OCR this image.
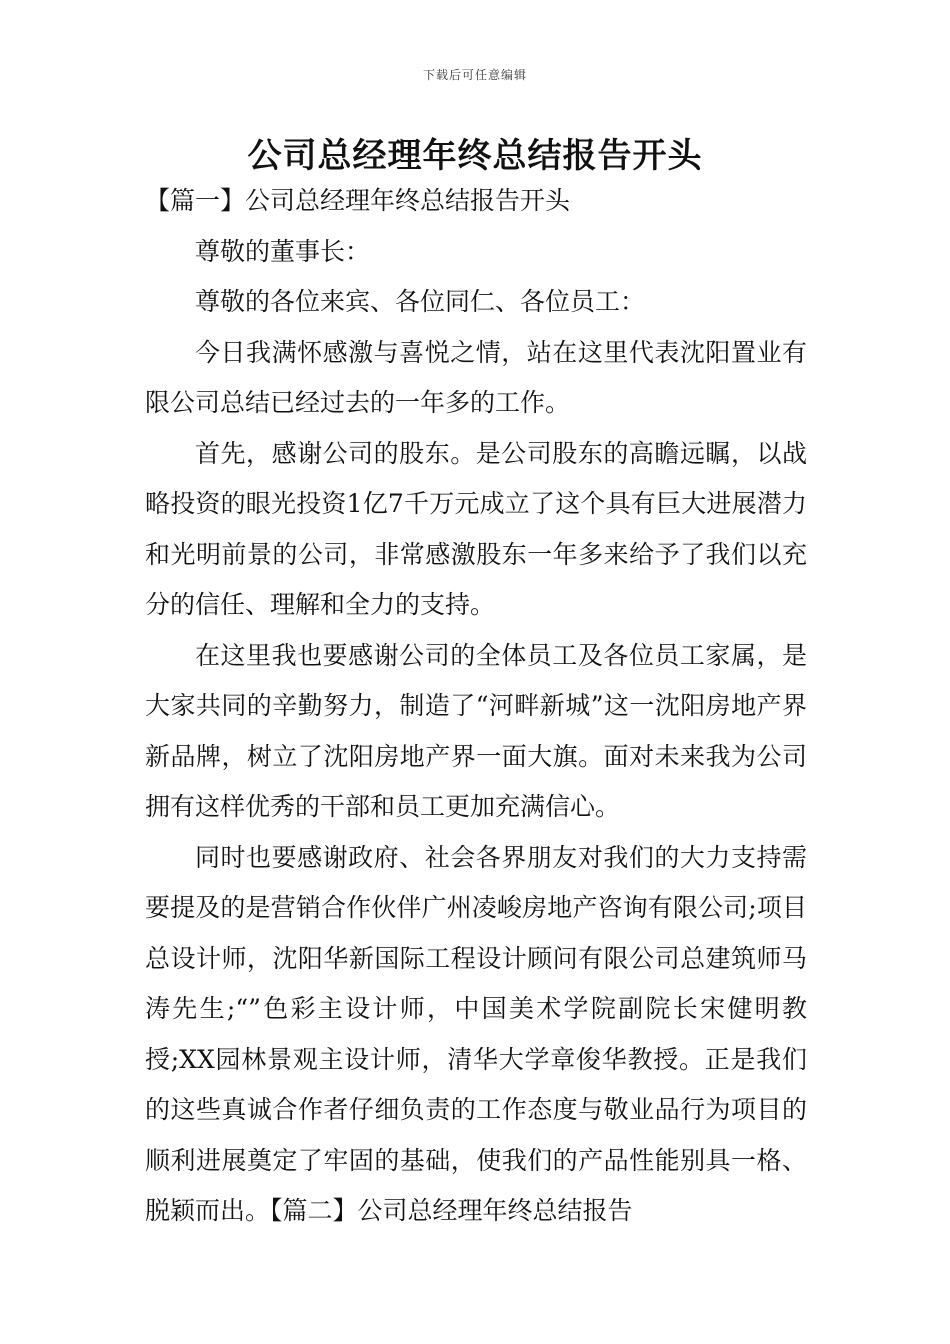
下载后可任意编辑
公司总经理年终总结报告开头

【篇一】公司总经理年终总结报告开头

尊敬的董事长：

尊敬的各位来宾、各位同仁、各位员工：

今日我满怀感激与喜悦之情，站在这里代表沈阳置业有限公司总结已经过去的一年多的工作。

首先，感谢公司的股东。是公司股东的高瞻远瞩，以战略投资的眼光投资1亿7千万元成立了这个具有巨大进展潜力和光明前景的公司，非常感激股东一年多来给予了我们以充分的信任、理解和全力的支持。

在这里我也要感谢公司的全体员工及各位员工家属，是大家共同的辛勤努力，制造了“河畔新城”这一沈阳房地产界新品牌，树立了沈阳房地产界一面大旗。面对未来我为公司拥有这样优秀的干部和员工更加充满信心。

同时也要感谢政府、社会各界朋友对我们的大力支持需要提及的是营销合作伙伴广州凌峻房地产咨询有限公司;项目总设计师，沈阳华新国际工程设计顾问有限公司总建筑师马涛先生;“”色彩主设计师，中国美术学院副院长宋健明教授;XX园林景观主设计师，清华大学章俊华教授。正是我们的这些真诚合作者仔细负责的工作态度与敬业品行为项目的顺利进展奠定了牢固的基础，使我们的产品性能别具一格、脱颖而出。【篇二】公司总经理年终总结报告
